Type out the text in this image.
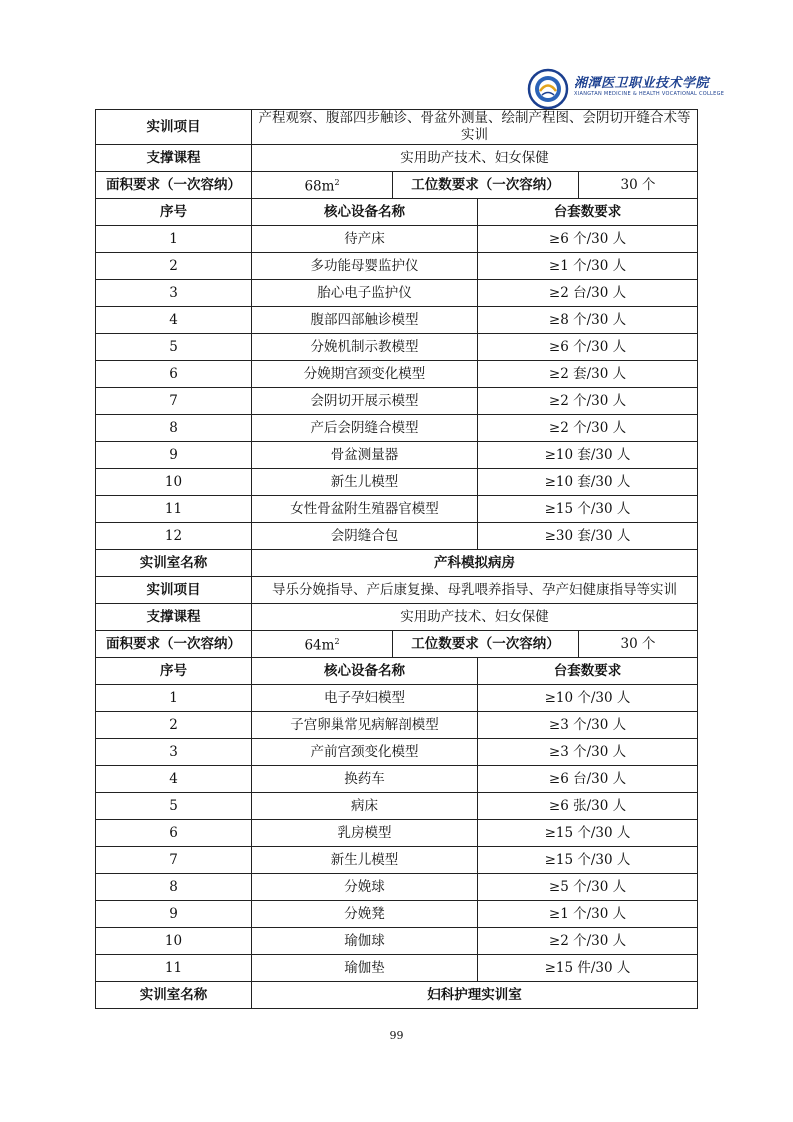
湘潭医卫职业技术学院
XIANGTAN MEDICINE & HEALTH VOCATIONAL COLLEGE
实训项目	产程观察、腹部四步触诊、骨盆外测量、绘制产程图、会阴切开缝合术等实训			
支撑课程	实用助产技术、妇女保健			
面积要求（一次容纳）	$68m^2$	工位数要求（一次容纳）		30 个
序号	核心设备名称		台套数要求	
1	待产床		≥6 个/30 人	
2	多功能母婴监护仪		≥1 个/30 人	
3	胎心电子监护仪		≥2 台/30 人	
4	腹部四部触诊模型		≥8 个/30 人	
5	分娩机制示教模型		≥6 个/30 人	
6	分娩期宫颈变化模型		≥2 套/30 人	
7	会阴切开展示模型		≥2 个/30 人	
8	产后会阴缝合模型		≥2 个/30 人	
9	骨盆测量器		≥10 套/30 人	
10	新生儿模型		≥10 套/30 人	
11	女性骨盆附生殖器官模型		≥15 个/30 人	
12	会阴缝合包		≥30 套/30 人	
实训室名称	产科模拟病房			
实训项目	导乐分娩指导、产后康复操、母乳喂养指导、孕产妇健康指导等实训			
支撑课程	实用助产技术、妇女保健			
面积要求（一次容纳）	$64m^2$	工位数要求（一次容纳）		30 个
序号	核心设备名称		台套数要求	
1	电子孕妇模型		≥10 个/30 人	
2	子宫卵巢常见病解剖模型		≥3 个/30 人	
3	产前宫颈变化模型		≥3 个/30 人	
4	换药车		≥6 台/30 人	
5	病床		≥6 张/30 人	
6	乳房模型		≥15 个/30 人	
7	新生儿模型		≥15 个/30 人	
8	分娩球		≥5 个/30 人	
9	分娩凳		≥1 个/30 人	
10	瑜伽球		≥2 个/30 人	
11	瑜伽垫		≥15 件/30 人	
实训室名称	妇科护理实训室			
99
